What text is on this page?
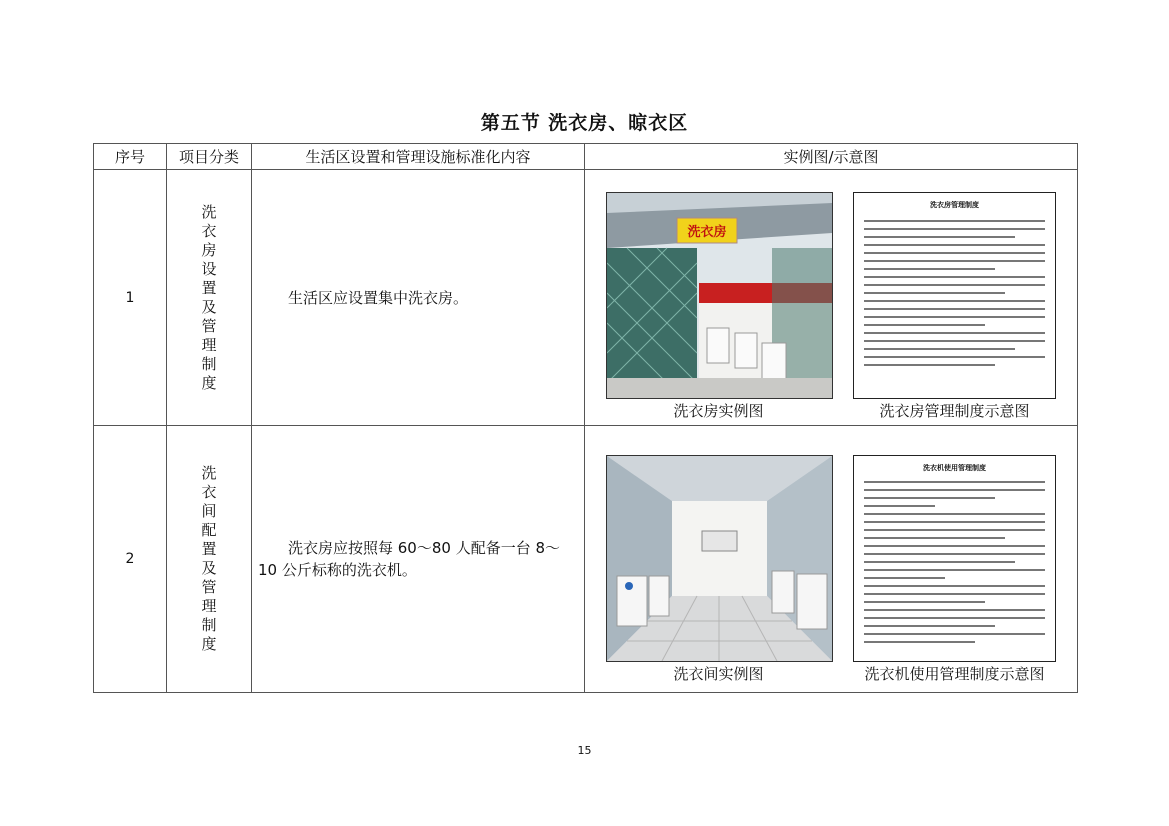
第五节 洗衣房、晾衣区
序号	项目分类	生活区设置和管理设施标准化内容	实例图/示意图
1	洗衣房设置及管理制度	生活区应设置集中洗衣房。	洗衣房
洗衣房实例图
洗衣房管理制度
洗衣房管理制度示意图

2	洗衣间配置及管理制度	洗衣房应按照每 60～80 人配备一台 8～10 公斤标称的洗衣机。	洗衣间实例图
洗衣机使用管理制度
洗衣机使用管理制度示意图
15
